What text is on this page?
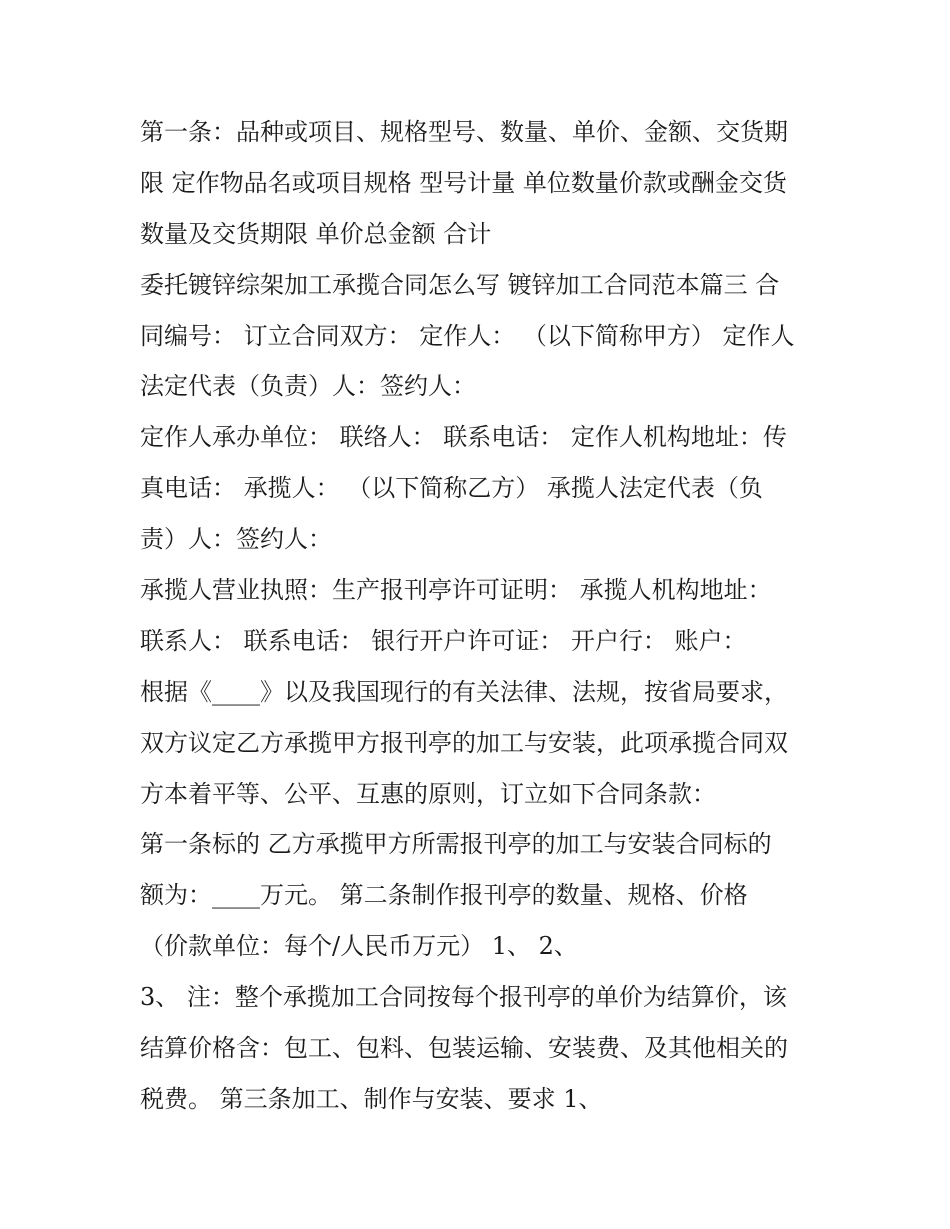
第一条：品种或项目、规格型号、数量、单价、金额、交货期
限 定作物品名或项目规格 型号计量 单位数量价款或酬金交货
数量及交货期限 单价总金额 合计
委托镀锌综架加工承揽合同怎么写 镀锌加工合同范本篇三 合
同编号： 订立合同双方： 定作人： （以下简称甲方） 定作人
法定代表（负责）人：签约人：
定作人承办单位： 联络人： 联系电话： 定作人机构地址：传
真电话： 承揽人： （以下简称乙方） 承揽人法定代表（负
责）人：签约人：
承揽人营业执照：生产报刊亭许可证明： 承揽人机构地址：
联系人： 联系电话： 银行开户许可证： 开户行： 账户：
根据《____》以及我国现行的有关法律、法规，按省局要求，
双方议定乙方承揽甲方报刊亭的加工与安装，此项承揽合同双
方本着平等、公平、互惠的原则，订立如下合同条款：
第一条标的 乙方承揽甲方所需报刊亭的加工与安装合同标的
额为：____万元。 第二条制作报刊亭的数量、规格、价格
（价款单位：每个/人民币万元） 1、 2、
3、 注：整个承揽加工合同按每个报刊亭的单价为结算价，该
结算价格含：包工、包料、包装运输、安装费、及其他相关的
税费。 第三条加工、制作与安装、要求 1、
